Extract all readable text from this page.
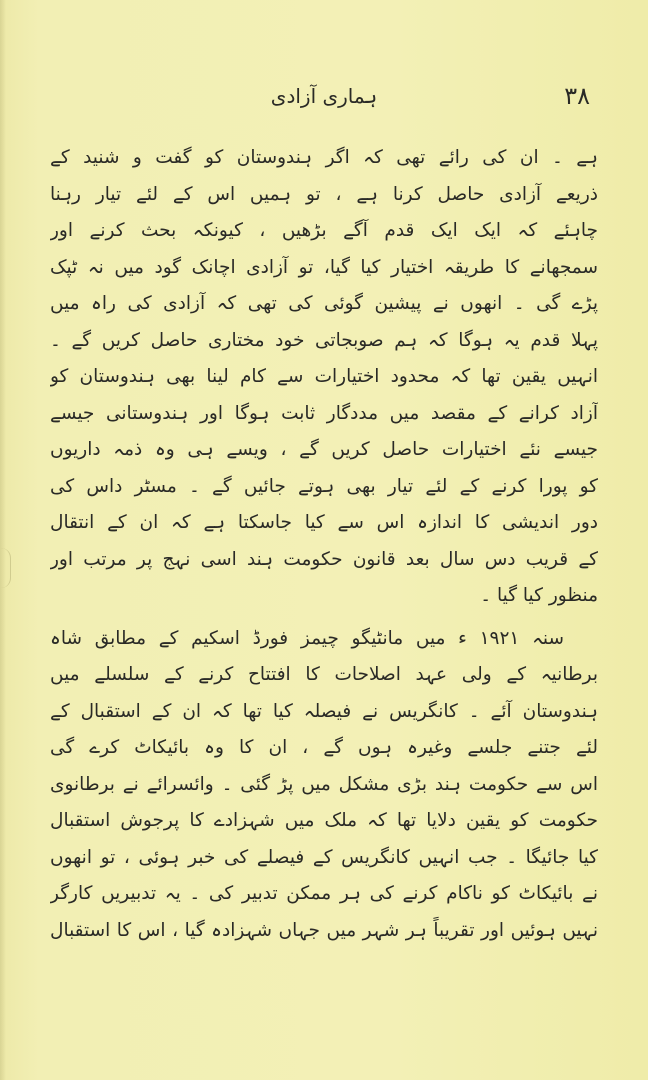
ہماری آزادی	۳۸
ہے ۔ ان کی رائے تھی کہ اگر ہندوستان کو گفت و شنید کے
ذریعے آزادی حاصل کرنا ہے ، تو ہمیں اس کے لئے تیار رہنا
چاہئے کہ ایک ایک قدم آگے بڑھیں ، کیونکہ بحث کرنے اور
سمجھانے کا طریقہ اختیار کیا گیا، تو آزادی اچانک گود میں نہ ٹپک
پڑے گی ۔ انھوں نے پیشین گوئی کی تھی کہ آزادی کی راہ میں
پہلا قدم یہ ہوگا کہ ہم صوبجاتی خود مختاری حاصل کریں گے ۔
انہیں یقین تھا کہ محدود اختیارات سے کام لینا بھی ہندوستان کو
آزاد کرانے کے مقصد میں مددگار ثابت ہوگا اور ہندوستانی جیسے
جیسے نئے اختیارات حاصل کریں گے ، ویسے ہی وہ ذمہ داریوں
کو پورا کرنے کے لئے تیار بھی ہوتے جائیں گے ۔ مسٹر داس کی
دور اندیشی کا اندازہ اس سے کیا جاسکتا ہے کہ ان کے انتقال
کے قریب دس سال بعد قانون حکومت ہند اسی نہج پر مرتب اور
منظور کیا گیا ۔
سنہ ۱۹۲۱ ء میں مانٹیگو چیمز فورڈ اسکیم کے مطابق شاہ
برطانیہ کے ولی عہد اصلاحات کا افتتاح کرنے کے سلسلے میں
ہندوستان آئے ۔ کانگریس نے فیصلہ کیا تھا کہ ان کے استقبال کے
لئے جتنے جلسے وغیرہ ہوں گے ، ان کا وہ بائیکاٹ کرے گی
اس سے حکومت ہند بڑی مشکل میں پڑ گئی ۔ وائسرائے نے برطانوی
حکومت کو یقین دلایا تھا کہ ملک میں شہزادے کا پرجوش استقبال
کیا جائیگا ۔ جب انہیں کانگریس کے فیصلے کی خبر ہوئی ، تو انھوں
نے بائیکاٹ کو ناکام کرنے کی ہر ممکن تدبیر کی ۔ یہ تدبیریں کارگر
نہیں ہوئیں اور تقریباً ہر شہر میں جہاں شہزادہ گیا ، اس کا استقبال
